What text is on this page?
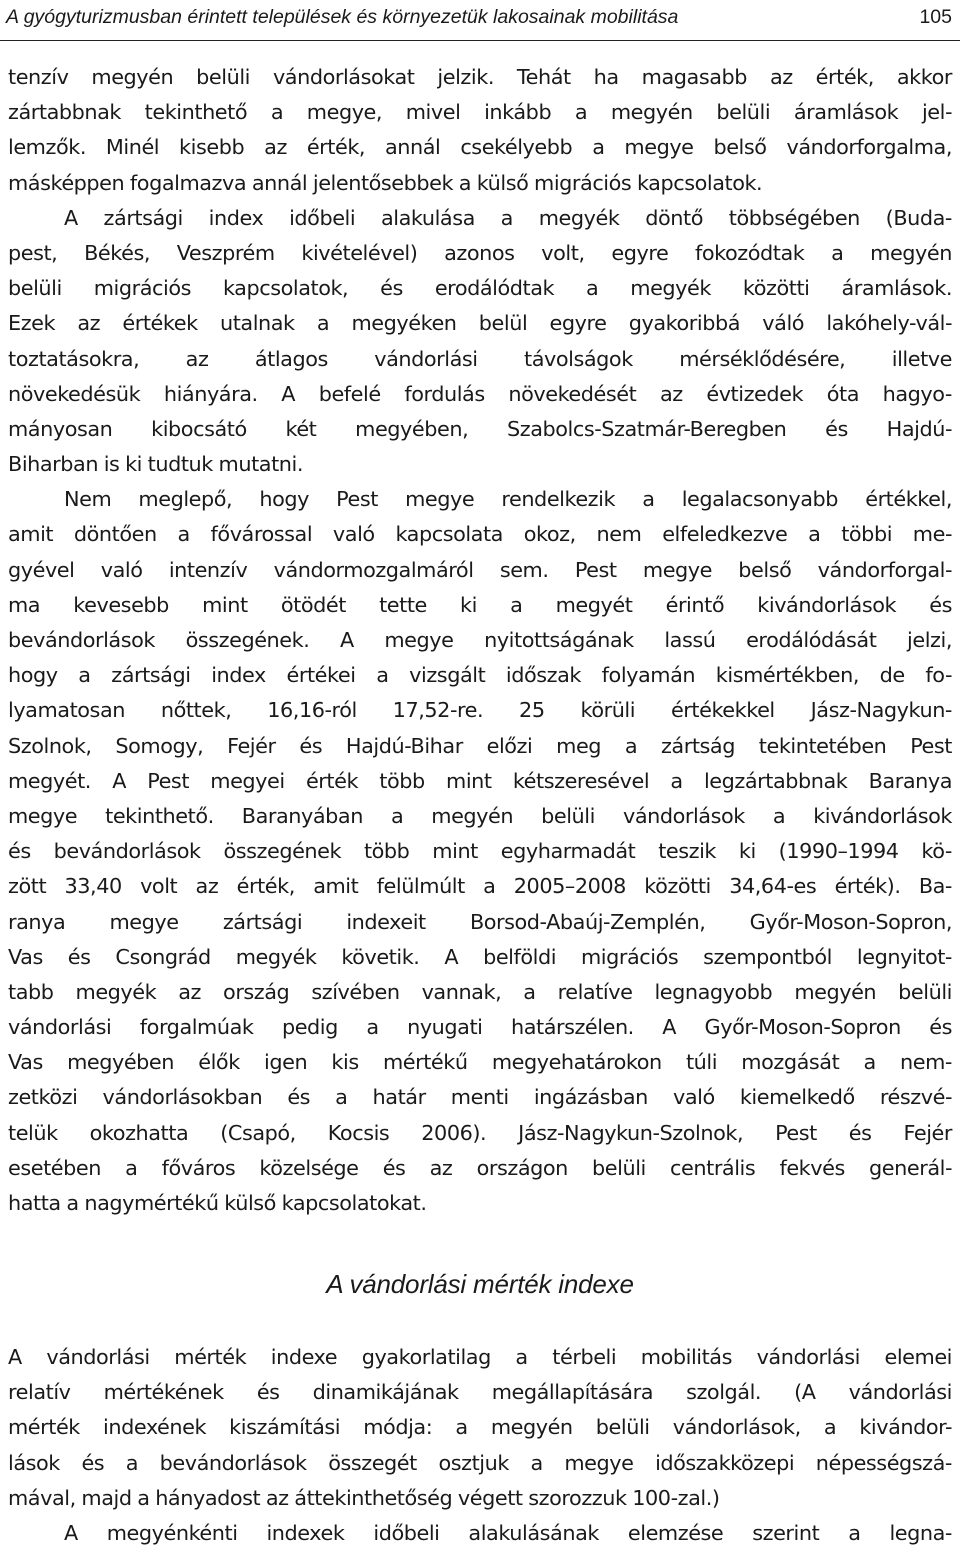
A gyógyturizmusban érintett települések és környezetük lakosainak mobilitása	105
tenzív megyén belüli vándorlásokat jelzik. Tehát ha magasabb az érték, akkor
zártabbnak tekinthető a megye, mivel inkább a megyén belüli áramlások jel-
lemzők. Minél kisebb az érték, annál csekélyebb a megye belső vándorforgalma,
másképpen fogalmazva annál jelentősebbek a külső migrációs kapcsolatok.
A zártsági index időbeli alakulása a megyék döntő többségében (Buda-
pest, Békés, Veszprém kivételével) azonos volt, egyre fokozódtak a megyén
belüli migrációs kapcsolatok, és erodálódtak a megyék közötti áramlások.
Ezek az értékek utalnak a megyéken belül egyre gyakoribbá váló lakóhely-vál-
toztatásokra, az átlagos vándorlási távolságok mérséklődésére, illetve
növekedésük hiányára. A befelé fordulás növekedését az évtizedek óta hagyo-
mányosan kibocsátó két megyében, Szabolcs-Szatmár-Beregben és Hajdú-
Biharban is ki tudtuk mutatni.
Nem meglepő, hogy Pest megye rendelkezik a legalacsonyabb értékkel,
amit döntően a fővárossal való kapcsolata okoz, nem elfeledkezve a többi me-
gyével való intenzív vándormozgalmáról sem. Pest megye belső vándorforgal-
ma kevesebb mint ötödét tette ki a megyét érintő kivándorlások és
bevándorlások összegének. A megye nyitottságának lassú erodálódását jelzi,
hogy a zártsági index értékei a vizsgált időszak folyamán kismértékben, de fo-
lyamatosan nőttek, 16,16-ról 17,52-re. 25 körüli értékekkel Jász-Nagykun-
Szolnok, Somogy, Fejér és Hajdú-Bihar előzi meg a zártság tekintetében Pest
megyét. A Pest megyei érték több mint kétszeresével a legzártabbnak Baranya
megye tekinthető. Baranyában a megyén belüli vándorlások a kivándorlások
és bevándorlások összegének több mint egyharmadát teszik ki (1990–1994 kö-
zött 33,40 volt az érték, amit felülmúlt a 2005–2008 közötti 34,64-es érték). Ba-
ranya megye zártsági indexeit Borsod-Abaúj-Zemplén, Győr-Moson-Sopron,
Vas és Csongrád megyék követik. A belföldi migrációs szempontból legnyitot-
tabb megyék az ország szívében vannak, a relatíve legnagyobb megyén belüli
vándorlási forgalmúak pedig a nyugati határszélen. A Győr-Moson-Sopron és
Vas megyében élők igen kis mértékű megyehatárokon túli mozgását a nem-
zetközi vándorlásokban és a határ menti ingázásban való kiemelkedő részvé-
telük okozhatta (Csapó, Kocsis 2006). Jász-Nagykun-Szolnok, Pest és Fejér
esetében a főváros közelsége és az országon belüli centrális fekvés generál-
hatta a nagymértékű külső kapcsolatokat.
A vándorlási mérték indexe
A vándorlási mérték indexe gyakorlatilag a térbeli mobilitás vándorlási elemei
relatív mértékének és dinamikájának megállapítására szolgál. (A vándorlási
mérték indexének kiszámítási módja: a megyén belüli vándorlások, a kivándor-
lások és a bevándorlások összegét osztjuk a megye időszakközepi népességszá-
mával, majd a hányadost az áttekinthetőség végett szorozzuk 100-zal.)
A megyénkénti indexek időbeli alakulásának elemzése szerint a legna-
